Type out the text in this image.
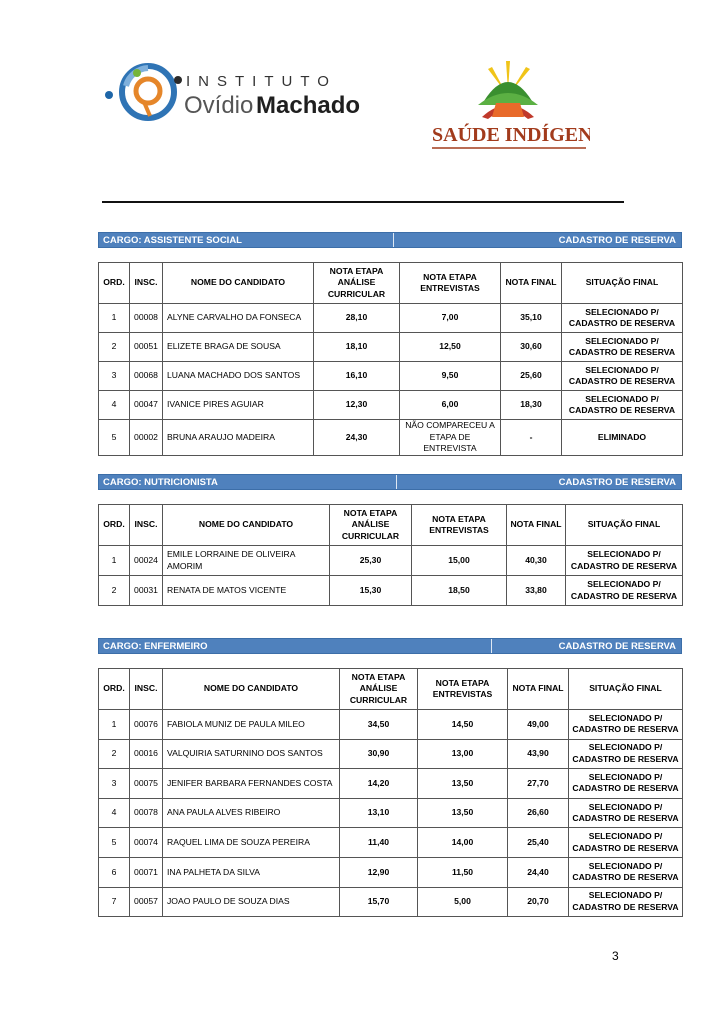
INSTITUTO
Ovídio Machado
SAÚDE INDÍGENA
CARGO: ASSISTENTE SOCIAL	CADASTRO DE RESERVA
ORD.	INSC.	NOME DO CANDIDATO	NOTA ETAPA ANÁLISE CURRICULAR	NOTA ETAPA ENTREVISTAS	NOTA FINAL	SITUAÇÃO FINAL
1	00008	ALYNE CARVALHO DA FONSECA	28,10	7,00	35,10	SELECIONADO P/ CADASTRO DE RESERVA
2	00051	ELIZETE BRAGA DE SOUSA	18,10	12,50	30,60	SELECIONADO P/ CADASTRO DE RESERVA
3	00068	LUANA MACHADO DOS SANTOS	16,10	9,50	25,60	SELECIONADO P/ CADASTRO DE RESERVA
4	00047	IVANICE PIRES AGUIAR	12,30	6,00	18,30	SELECIONADO P/ CADASTRO DE RESERVA
5	00002	BRUNA ARAUJO MADEIRA	24,30	NÃO COMPARECEU A ETAPA DE ENTREVISTA	-	ELIMINADO
CARGO: NUTRICIONISTA	CADASTRO DE RESERVA
ORD.	INSC.	NOME DO CANDIDATO	NOTA ETAPA ANÁLISE CURRICULAR	NOTA ETAPA ENTREVISTAS	NOTA FINAL	SITUAÇÃO FINAL
1	00024	EMILE LORRAINE DE OLIVEIRA AMORIM	25,30	15,00	40,30	SELECIONADO P/ CADASTRO DE RESERVA
2	00031	RENATA DE MATOS VICENTE	15,30	18,50	33,80	SELECIONADO P/ CADASTRO DE RESERVA
CARGO: ENFERMEIRO	CADASTRO DE RESERVA
ORD.	INSC.	NOME DO CANDIDATO	NOTA ETAPA ANÁLISE CURRICULAR	NOTA ETAPA ENTREVISTAS	NOTA FINAL	SITUAÇÃO FINAL
1	00076	FABIOLA MUNIZ DE PAULA MILEO	34,50	14,50	49,00	SELECIONADO P/ CADASTRO DE RESERVA
2	00016	VALQUIRIA SATURNINO DOS SANTOS	30,90	13,00	43,90	SELECIONADO P/ CADASTRO DE RESERVA
3	00075	JENIFER BARBARA FERNANDES COSTA	14,20	13,50	27,70	SELECIONADO P/ CADASTRO DE RESERVA
4	00078	ANA PAULA ALVES RIBEIRO	13,10	13,50	26,60	SELECIONADO P/ CADASTRO DE RESERVA
5	00074	RAQUEL LIMA DE SOUZA PEREIRA	11,40	14,00	25,40	SELECIONADO P/ CADASTRO DE RESERVA
6	00071	INA PALHETA DA SILVA	12,90	11,50	24,40	SELECIONADO P/ CADASTRO DE RESERVA
7	00057	JOAO PAULO DE SOUZA DIAS	15,70	5,00	20,70	SELECIONADO P/ CADASTRO DE RESERVA
3
